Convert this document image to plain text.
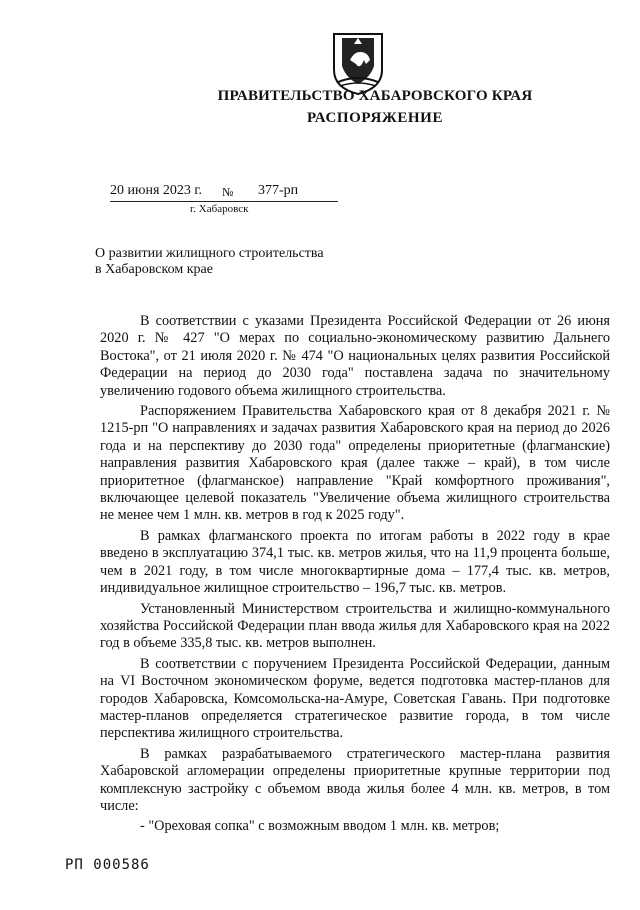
ПРАВИТЕЛЬСТВО ХАБАРОВСКОГО КРАЯ
РАСПОРЯЖЕНИЕ
20 июня 2023 г. № 377-рп
г. Хабаровск
О развитии жилищного строительства
в Хабаровском крае

В соответствии с указами Президента Российской Федерации от 26 июня 2020 г. № 427 "О мерах по социально-экономическому развитию Дальнего Востока", от 21 июля 2020 г. № 474 "О национальных целях развития Российской Федерации на период до 2030 года" поставлена задача по значительному увеличению годового объема жилищного строительства.

Распоряжением Правительства Хабаровского края от 8 декабря 2021 г. № 1215-рп "О направлениях и задачах развития Хабаровского края на период до 2026 года и на перспективу до 2030 года" определены приоритетные (флагманские) направления развития Хабаровского края (далее также – край), в том числе приоритетное (флагманское) направление "Край комфортного проживания", включающее целевой показатель "Увеличение объема жилищного строительства не менее чем 1 млн. кв. метров в год к 2025 году".

В рамках флагманского проекта по итогам работы в 2022 году в крае введено в эксплуатацию 374,1 тыс. кв. метров жилья, что на 11,9 процента больше, чем в 2021 году, в том числе многоквартирные дома – 177,4 тыс. кв. метров, индивидуальное жилищное строительство – 196,7 тыс. кв. метров.

Установленный Министерством строительства и жилищно-коммунального хозяйства Российской Федерации план ввода жилья для Хабаровского края на 2022 год в объеме 335,8 тыс. кв. метров выполнен.

В соответствии с поручением Президента Российской Федерации, данным на VI Восточном экономическом форуме, ведется подготовка мастер-планов для городов Хабаровска, Комсомольска-на-Амуре, Советская Гавань. При подготовке мастер-планов определяется стратегическое развитие города, в том числе перспектива жилищного строительства.

В рамках разрабатываемого стратегического мастер-плана развития Хабаровской агломерации определены приоритетные крупные территории под комплексную застройку с объемом ввода жилья более 4 млн. кв. метров, в том числе:

- "Ореховая сопка" с возможным вводом 1 млн. кв. метров;

РП 000586
